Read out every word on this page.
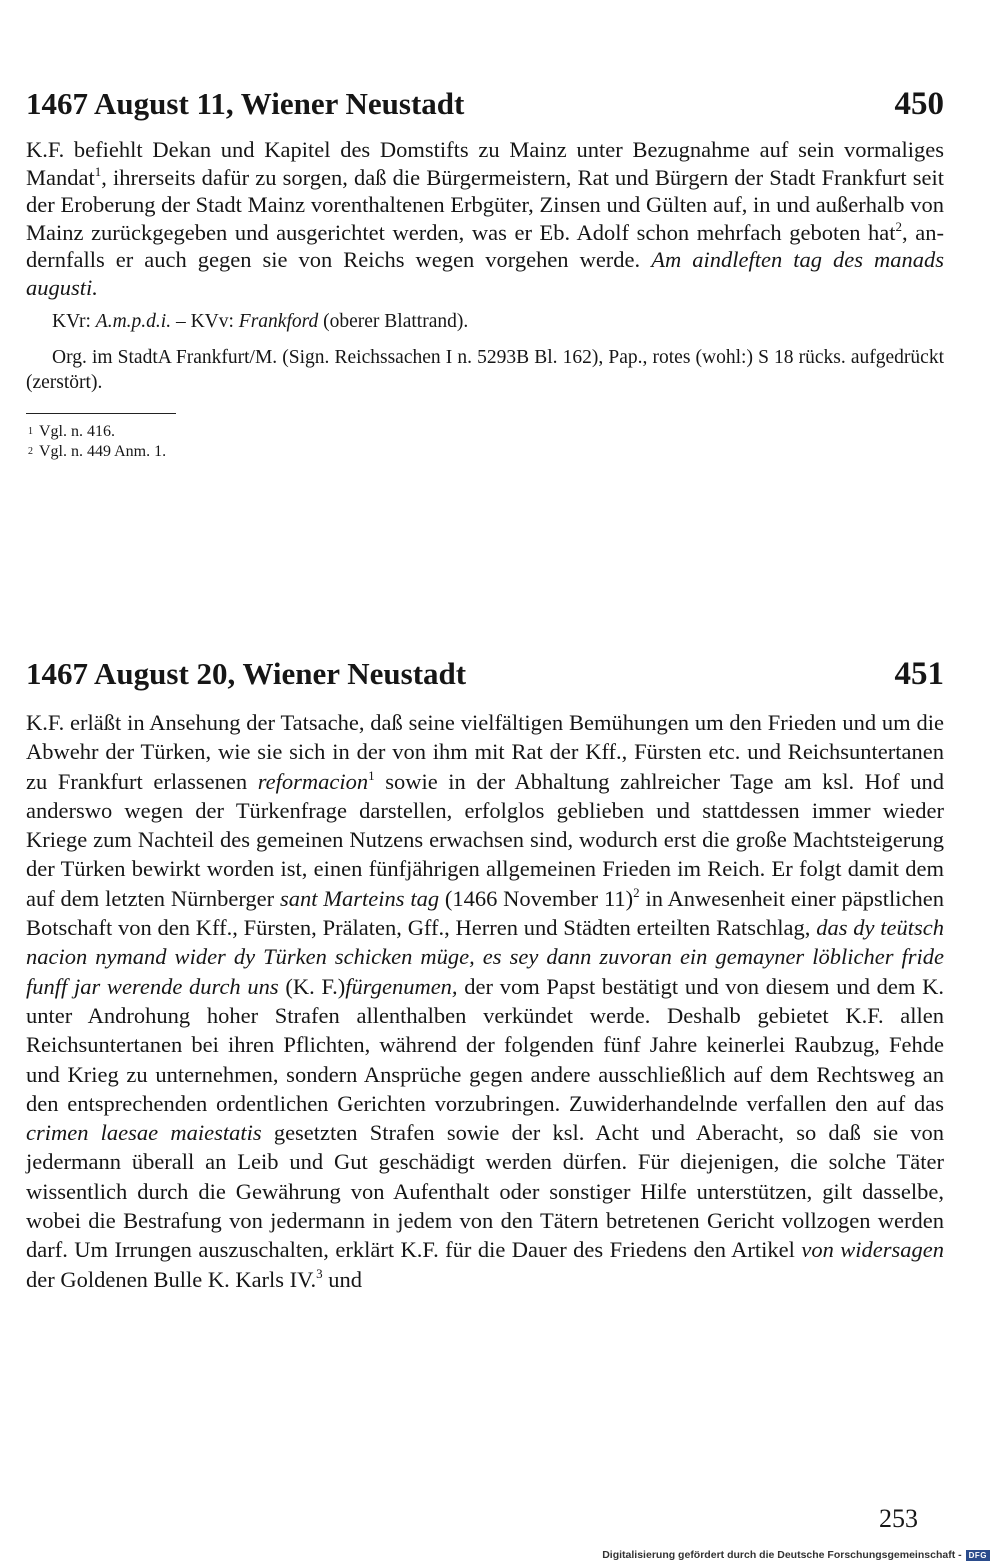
1467 August 11, Wiener Neustadt	450

K.F. befiehlt Dekan und Kapitel des Domstifts zu Mainz unter Bezugnahme auf sein vormaliges Mandat$^1$, ihrerseits dafür zu sorgen, daß die Bürgermeistern, Rat und Bürgern der Stadt Frankfurt seit der Eroberung der Stadt Mainz vorenthaltenen Erbgüter, Zinsen und Gülten auf, in und außerhalb von Mainz zurückgegeben und ausgerichtet werden, was er Eb. Adolf schon mehrfach geboten hat$^2$, andernfalls er auch gegen sie von Reichs wegen vorgehen werde. Am aindleften tag des manads augusti.

KVr: A.m.p.d.i. – KVv: Frankford (oberer Blattrand).

Org. im StadtA Frankfurt/M. (Sign. Reichssachen I n. 5293B Bl. 162), Pap., rotes (wohl:) S 18 rücks. aufgedrückt (zerstört).

$^1$ Vgl. n. 416.

$^2$ Vgl. n. 449 Anm. 1.

1467 August 20, Wiener Neustadt	451

K.F. erläßt in Ansehung der Tatsache, daß seine vielfältigen Bemühungen um den Frieden und um die Abwehr der Türken, wie sie sich in der von ihm mit Rat der Kff., Fürsten etc. und Reichsuntertanen zu Frankfurt erlassenen reformacion$^1$ sowie in der Abhaltung zahlreicher Tage am ksl. Hof und anderswo wegen der Türkenfrage darstellen, erfolglos geblieben und stattdessen immer wieder Kriege zum Nachteil des gemeinen Nutzens erwachsen sind, wodurch erst die große Machtsteigerung der Türken bewirkt worden ist, einen fünfjährigen allgemeinen Frieden im Reich. Er folgt damit dem auf dem letzten Nürnberger sant Marteins tag (1466 November 11)$^2$ in Anwesenheit einer päpstlichen Botschaft von den Kff., Fürsten, Prälaten, Gff., Herren und Städten erteilten Ratschlag, das dy teütsch nacion nymand wider dy Türken schicken müge, es sey dann zuvoran ein gemayner löblicher fride funff jar werende durch uns (K. F.)fürgenumen, der vom Papst bestätigt und von diesem und dem K. unter Androhung hoher Strafen allenthalben verkündet werde. Deshalb gebietet K.F. allen Reichsuntertanen bei ihren Pflichten, während der folgenden fünf Jahre keinerlei Raubzug, Fehde und Krieg zu unternehmen, sondern Ansprüche gegen andere ausschließlich auf dem Rechtsweg an den entsprechenden ordentlichen Gerichten vorzubringen. Zuwiderhandelnde verfallen den auf das crimen laesae maiestatis gesetzten Strafen sowie der ksl. Acht und Aberacht, so daß sie von jedermann überall an Leib und Gut geschädigt werden dürfen. Für diejenigen, die solche Täter wissentlich durch die Gewährung von Aufenthalt oder sonstiger Hilfe unterstützen, gilt dasselbe, wobei die Bestrafung von jedermann in jedem von den Tätern betretenen Gericht vollzogen werden darf. Um Irrungen auszuschalten, erklärt K.F. für die Dauer des Friedens den Artikel von widersagen der Goldenen Bulle K. Karls IV.$^3$ und

253
Digitalisierung gefördert durch die Deutsche Forschungsgemeinschaft - DFG
